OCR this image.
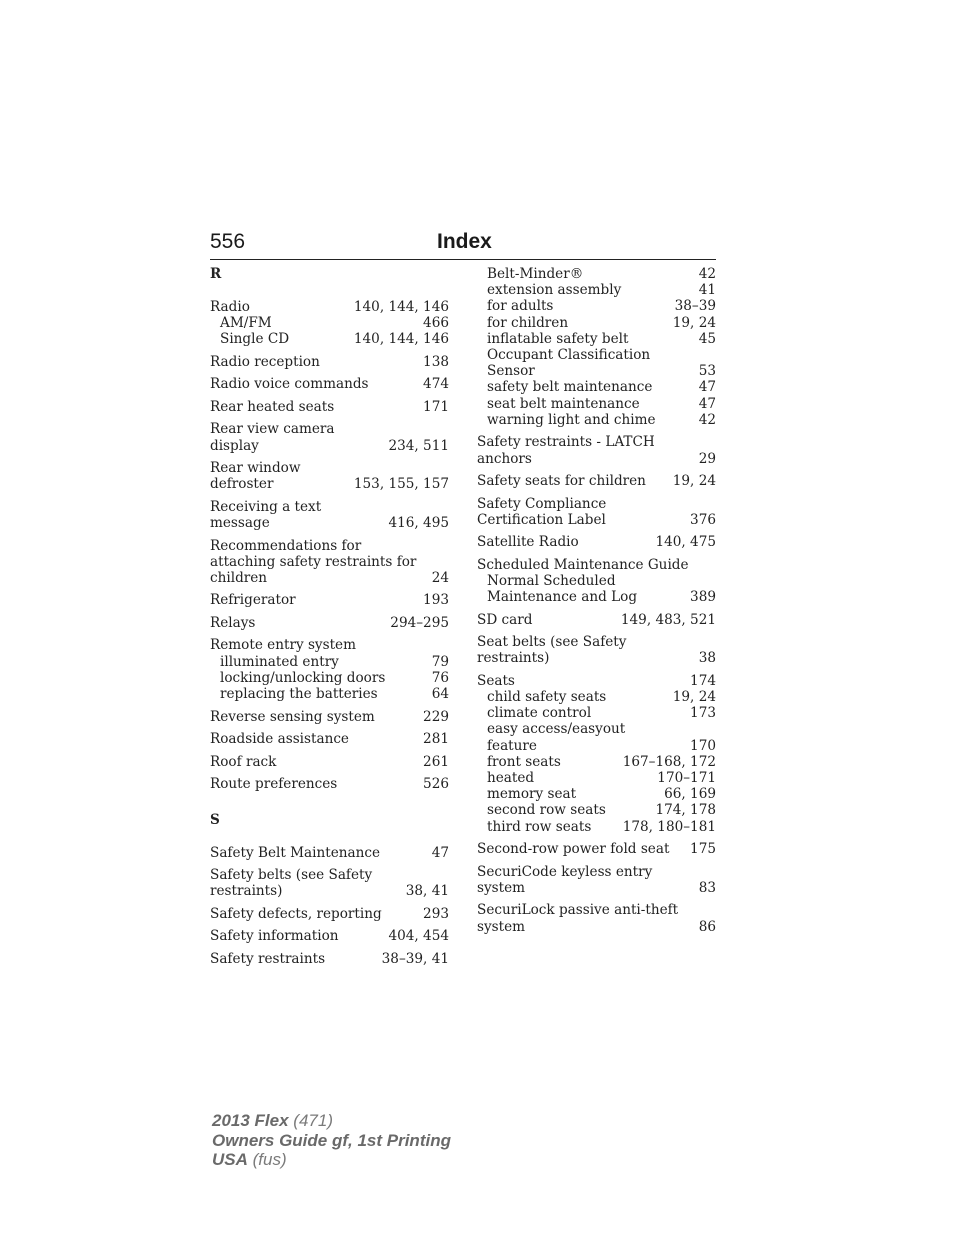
556	Index
R
Radio	140, 144, 146
AM/FM	466
Single CD	140, 144, 146
Radio reception	138
Radio voice commands	474
Rear heated seats	171
Rear view camera
display	234, 511
Rear window
defroster	153, 155, 157
Receiving a text
message	416, 495
Recommendations for
attaching safety restraints for
children	24
Refrigerator	193
Relays	294–295
Remote entry system
illuminated entry	79
locking/unlocking doors	76
replacing the batteries	64
Reverse sensing system	229
Roadside assistance	281
Roof rack	261
Route preferences	526
S
Safety Belt Maintenance	47
Safety belts (see Safety
restraints)	38, 41
Safety defects, reporting	293
Safety information	404, 454
Safety restraints	38–39, 41
Belt-Minder®	42
extension assembly	41
for adults	38–39
for children	19, 24
inflatable safety belt	45
Occupant Classification
Sensor	53
safety belt maintenance	47
seat belt maintenance	47
warning light and chime	42
Safety restraints - LATCH
anchors	29
Safety seats for children 19, 24
Safety Compliance
Certification Label	376
Satellite Radio	140, 475
Scheduled Maintenance Guide
Normal Scheduled
Maintenance and Log	389
SD card	149, 483, 521
Seat belts (see Safety
restraints)	38
Seats	174
child safety seats	19, 24
climate control	173
easy access/easyout
feature	170
front seats	167–168, 172
heated	170–171
memory seat	66, 169
second row seats	174, 178
third row seats 178, 180–181
Second-row power fold seat 175
SecuriCode keyless entry
system	83
SecuriLock passive anti-theft
system	86
2013 Flex (471)
Owners Guide gf, 1st Printing
USA (fus)
